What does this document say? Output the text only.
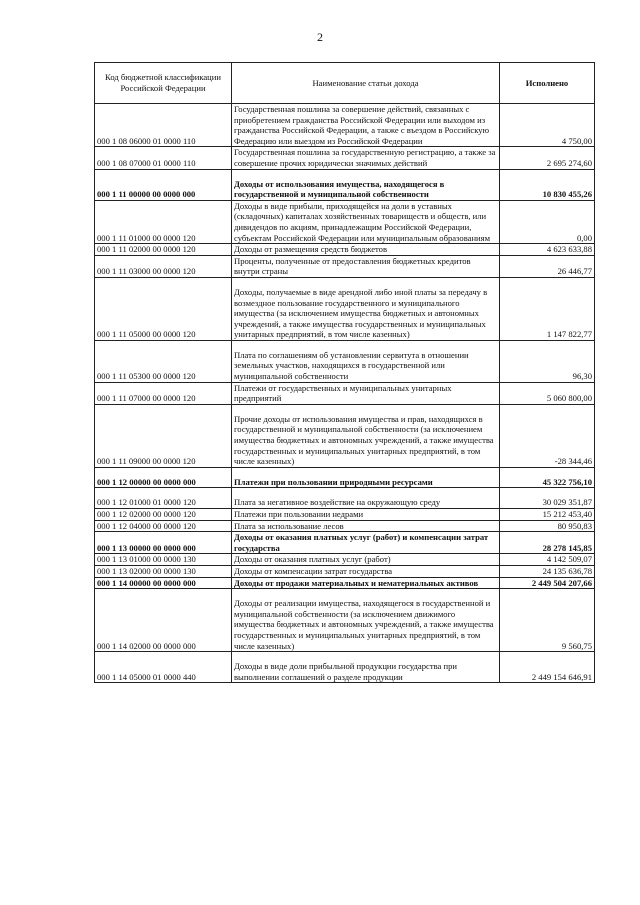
2
Код бюджетной классификации Российской Федерации	Наименование статьи дохода	Исполнено
000 1 08 06000 01 0000 110	Государственная пошлина за совершение действий, связанных с приобретением гражданства Российской Федерации или выходом из гражданства Российской Федерации, а также с въездом в Российскую Федерацию или выездом из Российской Федерации	4 750,00
000 1 08 07000 01 0000 110	Государственная пошлина за государственную регистрацию, а также за совершение прочих юридически значимых действий	2 695 274,60
000 1 11 00000 00 0000 000	Доходы от использования имущества, находящегося в государственной и муниципальной собственности	10 830 455,26
000 1 11 01000 00 0000 120	Доходы в виде прибыли, приходящейся на доли в уставных (складочных) капиталах хозяйственных товариществ и обществ, или дивидендов по акциям, принадлежащим Российской Федерации, субъектам Российской Федерации или муниципальным образованиям	0,00
000 1 11 02000 00 0000 120	Доходы от размещения средств бюджетов	4 623 633,88
000 1 11 03000 00 0000 120	Проценты, полученные от предоставления бюджетных кредитов внутри страны	26 446,77
000 1 11 05000 00 0000 120	Доходы, получаемые в виде арендной либо иной платы за передачу в возмездное пользование государственного и муниципального имущества (за исключением имущества бюджетных и автономных учреждений, а также имущества государственных и муниципальных унитарных предприятий, в том числе казенных)	1 147 822,77
000 1 11 05300 00 0000 120	Плата по соглашениям об установлении сервитута в отношении земельных участков, находящихся в государственной или муниципальной собственности	96,30
000 1 11 07000 00 0000 120	Платежи от государственных и муниципальных унитарных предприятий	5 060 800,00
000 1 11 09000 00 0000 120	Прочие доходы от использования имущества и прав, находящихся в государственной и муниципальной собственности (за исключением имущества бюджетных и автономных учреждений, а также имущества государственных и муниципальных унитарных предприятий, в том числе казенных)	-28 344,46
000 1 12 00000 00 0000 000	Платежи при пользовании природными ресурсами	45 322 756,10
000 1 12 01000 01 0000 120	Плата за негативное воздействие на окружающую среду	30 029 351,87
000 1 12 02000 00 0000 120	Платежи при пользовании недрами	15 212 453,40
000 1 12 04000 00 0000 120	Плата за использование лесов	80 950,83
000 1 13 00000 00 0000 000	Доходы от оказания платных услуг (работ) и компенсации затрат государства	28 278 145,85
000 1 13 01000 00 0000 130	Доходы от оказания платных услуг (работ)	4 142 509,07
000 1 13 02000 00 0000 130	Доходы от компенсации затрат государства	24 135 636,78
000 1 14 00000 00 0000 000	Доходы от продажи материальных и нематериальных активов	2 449 504 207,66
000 1 14 02000 00 0000 000	Доходы от реализации имущества, находящегося в государственной и муниципальной собственности (за исключением движимого имущества бюджетных и автономных учреждений, а также имущества государственных и муниципальных унитарных предприятий, в том числе казенных)	9 560,75
000 1 14 05000 01 0000 440	Доходы в виде доли прибыльной продукции государства при выполнении соглашений о разделе продукции	2 449 154 646,91
